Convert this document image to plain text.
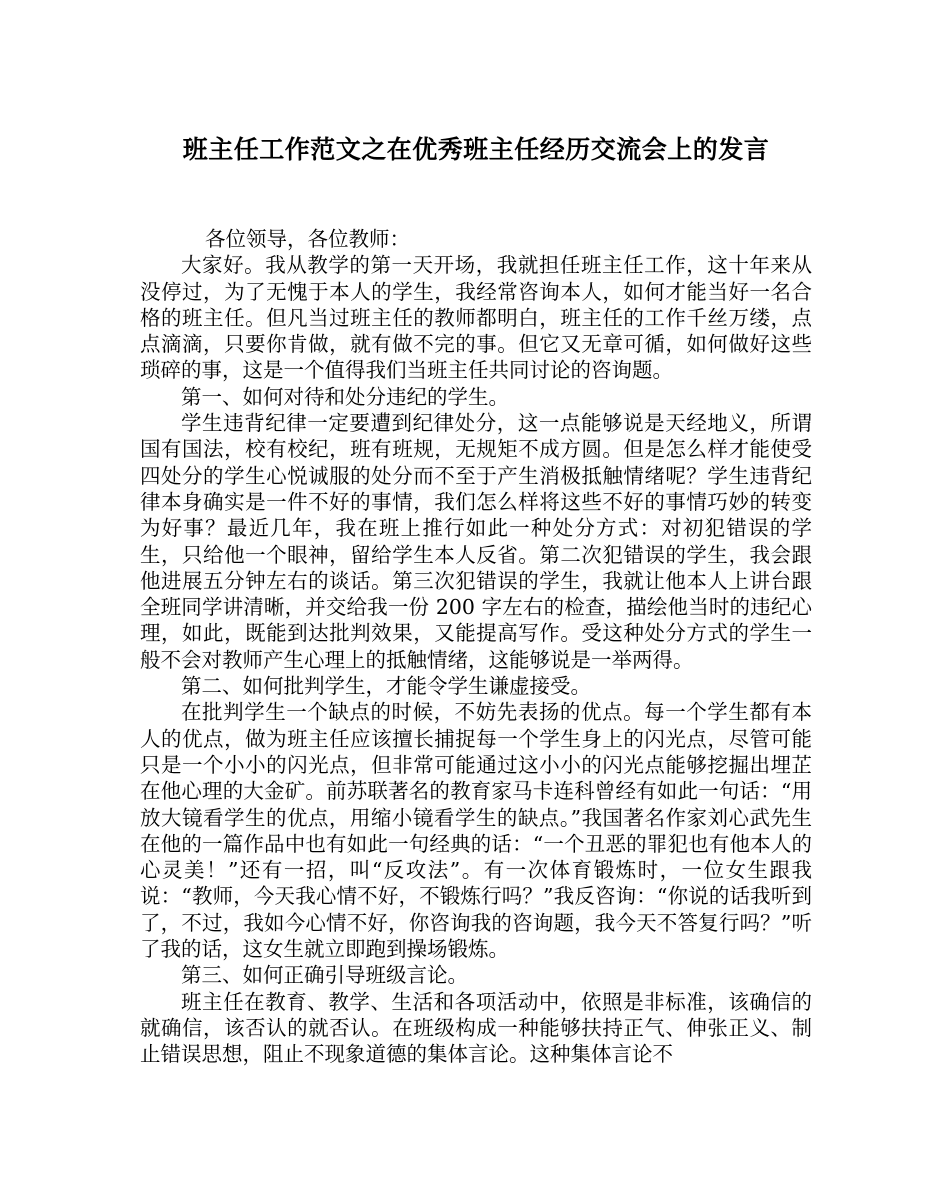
班主任工作范文之在优秀班主任经历交流会上的发言

各位领导，各位教师：

大家好。我从教学的第一天开场，我就担任班主任工作，这十年来从没停过，为了无愧于本人的学生，我经常咨询本人，如何才能当好一名合格的班主任。但凡当过班主任的教师都明白，班主任的工作千丝万缕，点点滴滴，只要你肯做，就有做不完的事。但它又无章可循，如何做好这些琐碎的事，这是一个值得我们当班主任共同讨论的咨询题。

第一、如何对待和处分违纪的学生。

学生违背纪律一定要遭到纪律处分，这一点能够说是天经地义，所谓国有国法，校有校纪，班有班规，无规矩不成方圆。但是怎么样才能使受四处分的学生心悦诚服的处分而不至于产生消极抵触情绪呢？学生违背纪律本身确实是一件不好的事情，我们怎么样将这些不好的事情巧妙的转变为好事？最近几年，我在班上推行如此一种处分方式：对初犯错误的学生，只给他一个眼神，留给学生本人反省。第二次犯错误的学生，我会跟他进展五分钟左右的谈话。第三次犯错误的学生，我就让他本人上讲台跟全班同学讲清晰，并交给我一份 200 字左右的检查，描绘他当时的违纪心理，如此，既能到达批判效果，又能提高写作。受这种处分方式的学生一般不会对教师产生心理上的抵触情绪，这能够说是一举两得。

第二、如何批判学生，才能令学生谦虚接受。

在批判学生一个缺点的时候，不妨先表扬的优点。每一个学生都有本人的优点，做为班主任应该擅长捕捉每一个学生身上的闪光点，尽管可能只是一个小小的闪光点，但非常可能通过这小小的闪光点能够挖掘出埋芷在他心理的大金矿。前苏联著名的教育家马卡连科曾经有如此一句话：“用放大镜看学生的优点，用缩小镜看学生的缺点。”我国著名作家刘心武先生在他的一篇作品中也有如此一句经典的话：“一个丑恶的罪犯也有他本人的心灵美！”还有一招，叫“反攻法”。有一次体育锻炼时，一位女生跟我说：“教师，今天我心情不好，不锻炼行吗？”我反咨询：“你说的话我听到了，不过，我如今心情不好，你咨询我的咨询题，我今天不答复行吗？”听了我的话，这女生就立即跑到操场锻炼。

第三、如何正确引导班级言论。

班主任在教育、教学、生活和各项活动中，依照是非标准，该确信的就确信，该否认的就否认。在班级构成一种能够扶持正气、伸张正义、制止错误思想，阻止不现象道德的集体言论。这种集体言论不
